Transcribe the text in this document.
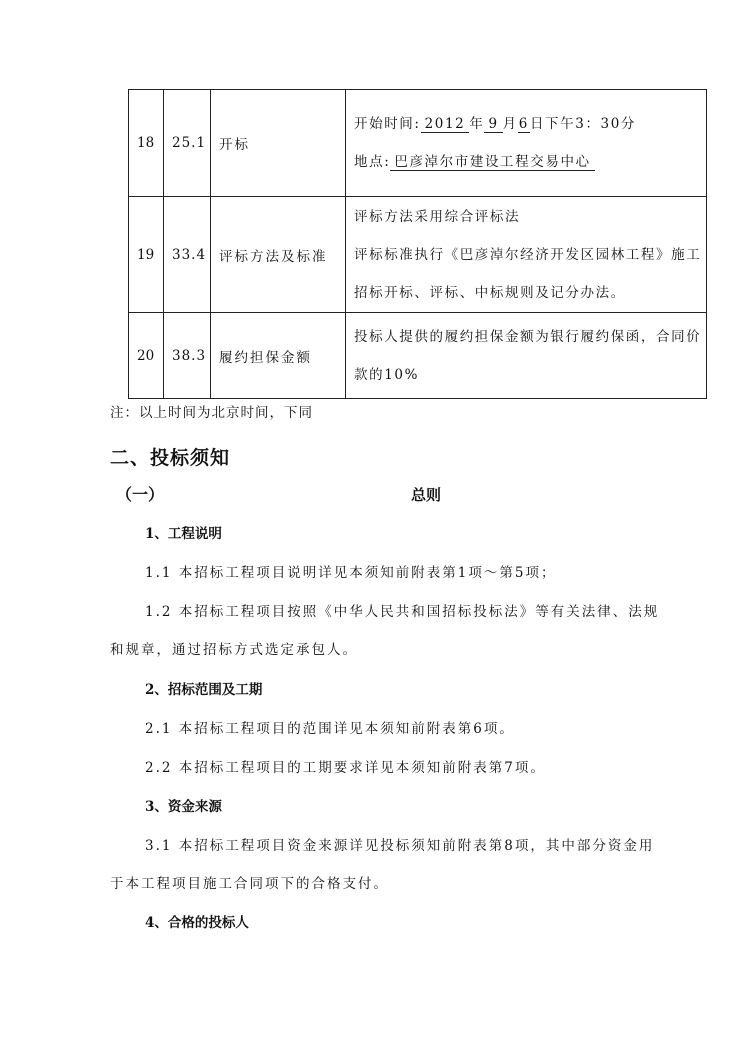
18	25.1	开标	开始时间: 2012 年 9 月6日下午3：30分
地点: 巴彦淖尔市建设工程交易中心

19	33.4	评标方法及标准	评标方法采用综合评标法
评标标准执行《巴彦淖尔经济开发区园林工程》施工
招标开标、评标、中标规则及记分办法。

20	38.3	履约担保金额	投标人提供的履约担保金额为银行履约保函，合同价
款的10%
注：以上时间为北京时间，下同
二、投标须知
（一）	总则
1、工程说明
1.1 本招标工程项目说明详见本须知前附表第1项～第5项；
1.2 本招标工程项目按照《中华人民共和国招标投标法》等有关法律、法规
和规章，通过招标方式选定承包人。
2、招标范围及工期
2.1 本招标工程项目的范围详见本须知前附表第6项。
2.2 本招标工程项目的工期要求详见本须知前附表第7项。
3、资金来源
3.1 本招标工程项目资金来源详见投标须知前附表第8项，其中部分资金用
于本工程项目施工合同项下的合格支付。
4、合格的投标人
